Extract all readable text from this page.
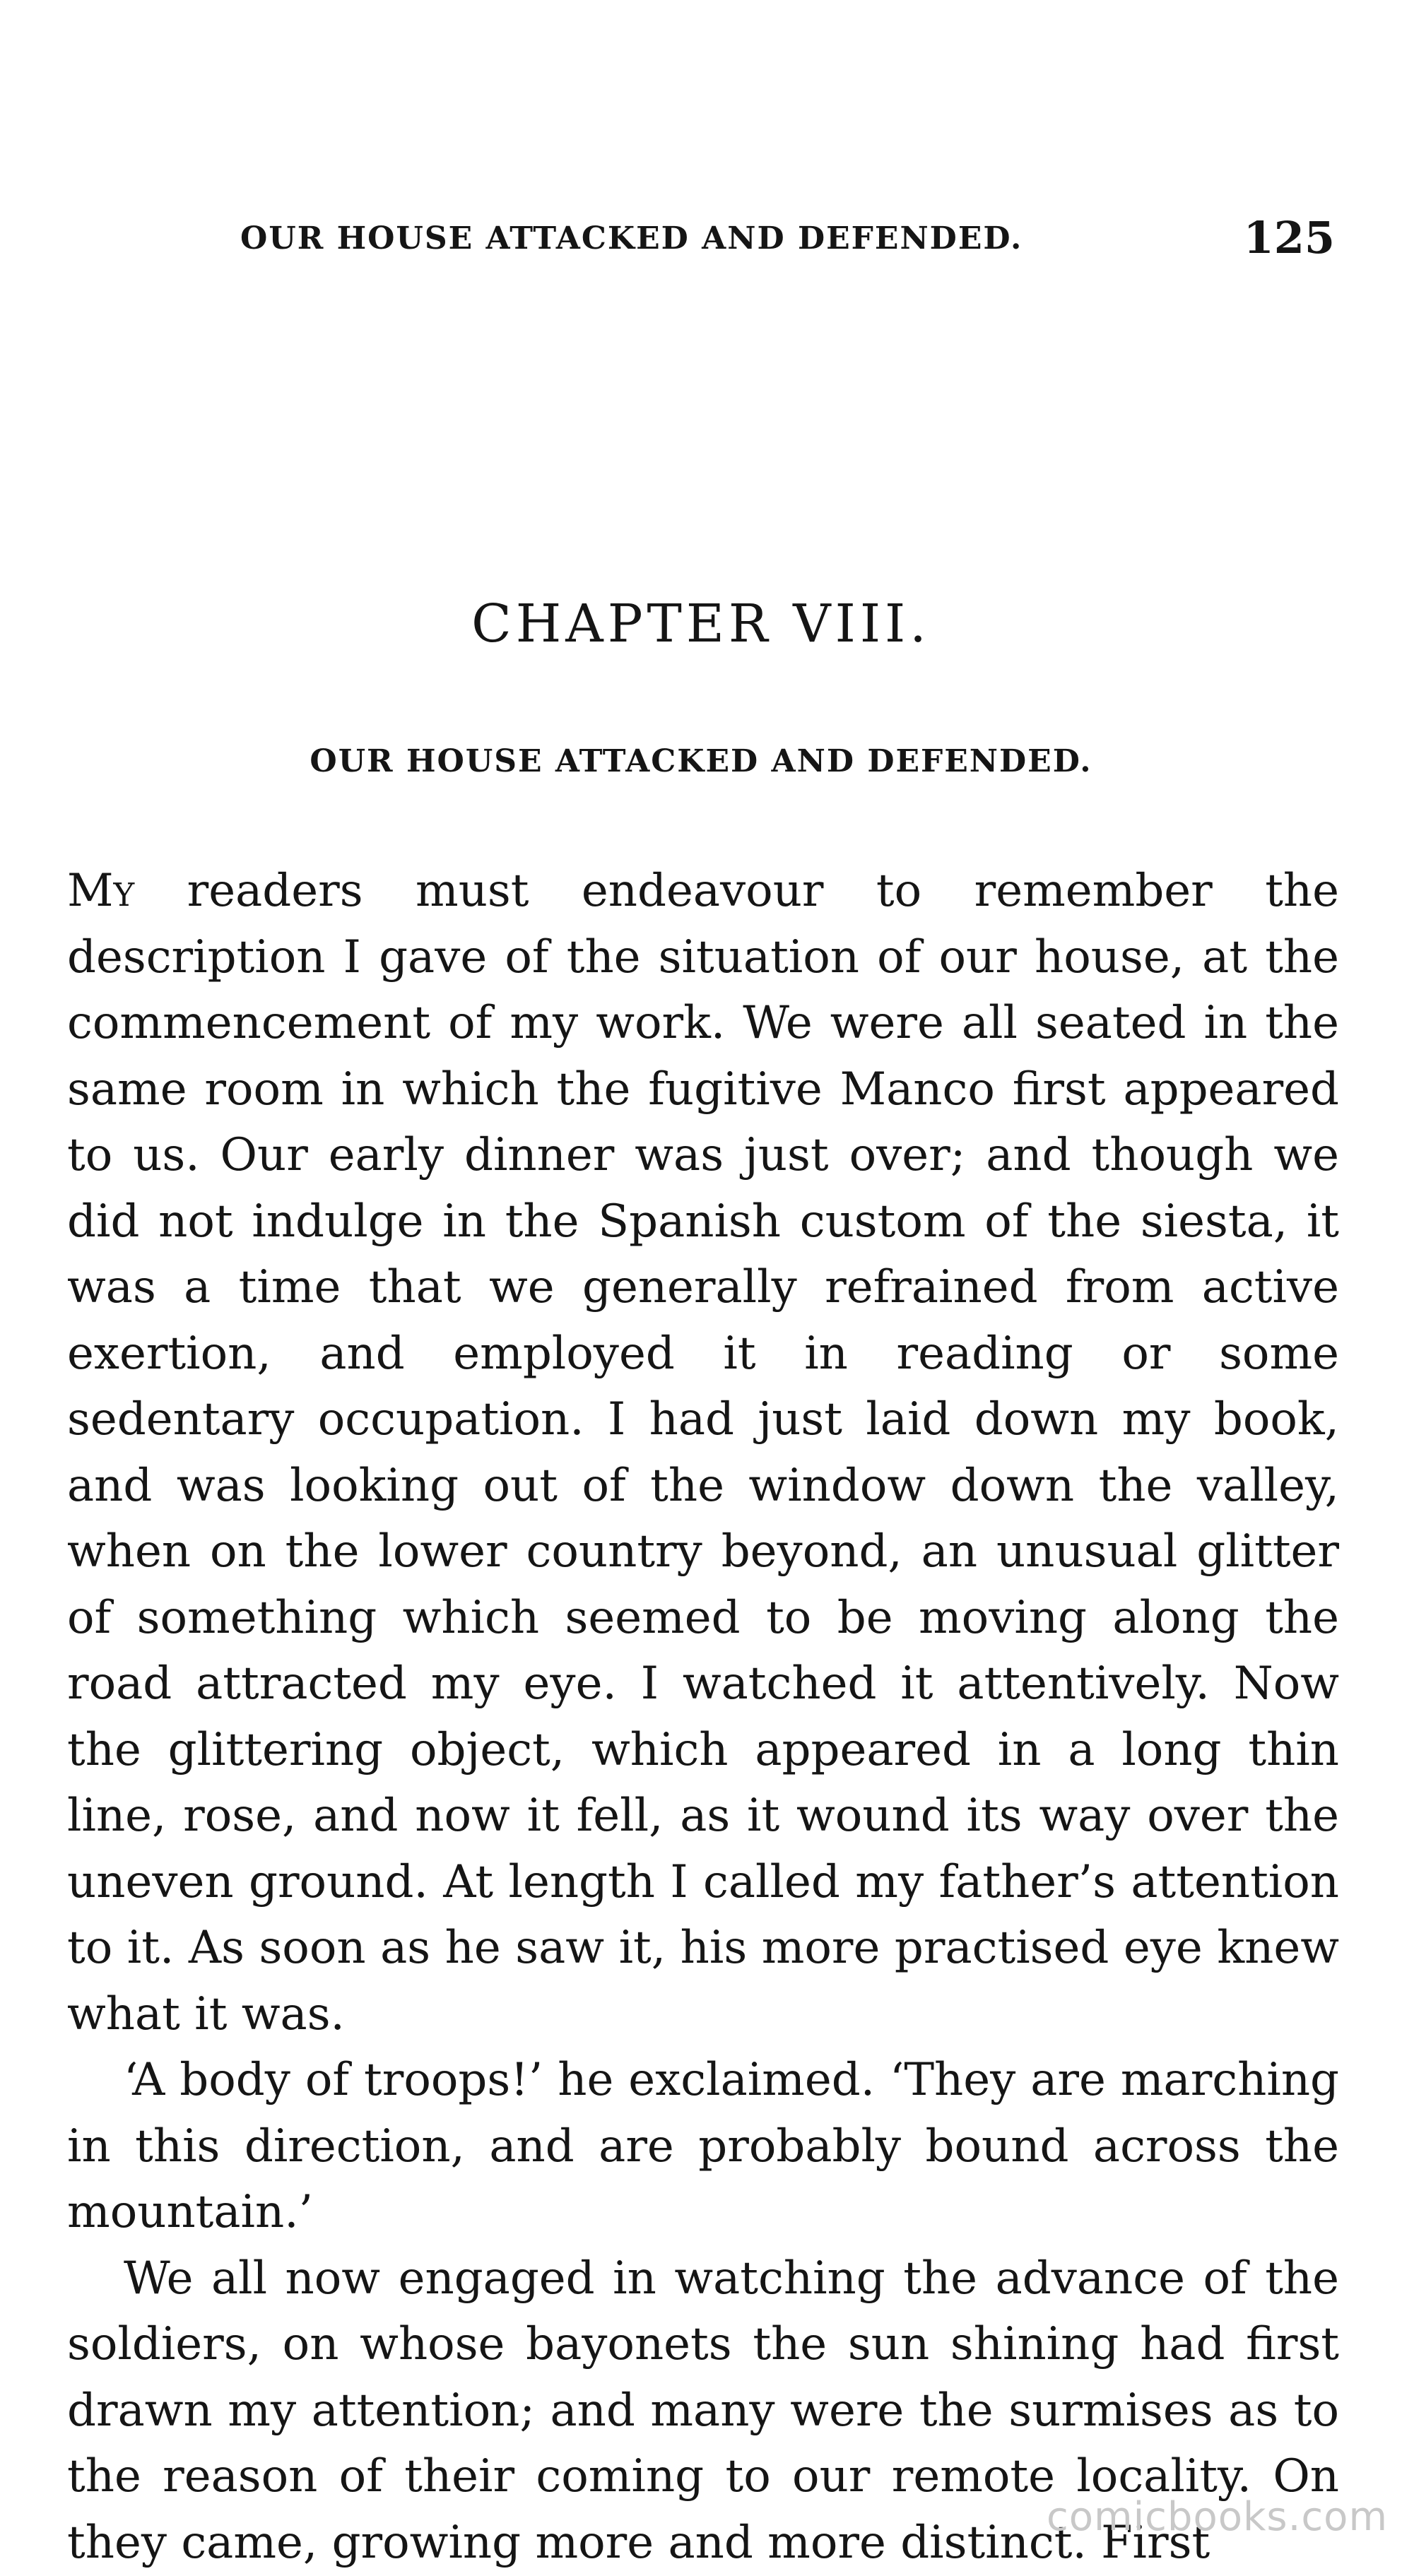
OUR HOUSE ATTACKED AND DEFENDED.	125
CHAPTER VIII.
OUR HOUSE ATTACKED AND DEFENDED.

My readers must endeavour to remember the description I gave of the situation of our house, at the commencement of my work. We were all seated in the same room in which the fugitive Manco first appeared to us. Our early dinner was just over; and though we did not indulge in the Spanish custom of the siesta, it was a time that we generally refrained from active exertion, and employed it in reading or some sedentary occupation. I had just laid down my book, and was looking out of the window down the valley, when on the lower country beyond, an unusual glitter of something which seemed to be moving along the road attracted my eye. I watched it attentively. Now the glittering object, which appeared in a long thin line, rose, and now it fell, as it wound its way over the uneven ground. At length I called my father’s attention to it. As soon as he saw it, his more practised eye knew what it was.

‘A body of troops!’ he exclaimed. ‘They are marching in this direction, and are probably bound across the mountain.’

We all now engaged in watching the advance of the soldiers, on whose bayonets the sun shining had first drawn my attention; and many were the surmises as to the reason of their coming to our remote locality. On they came, growing more and more distinct. First

comicbooks.com
